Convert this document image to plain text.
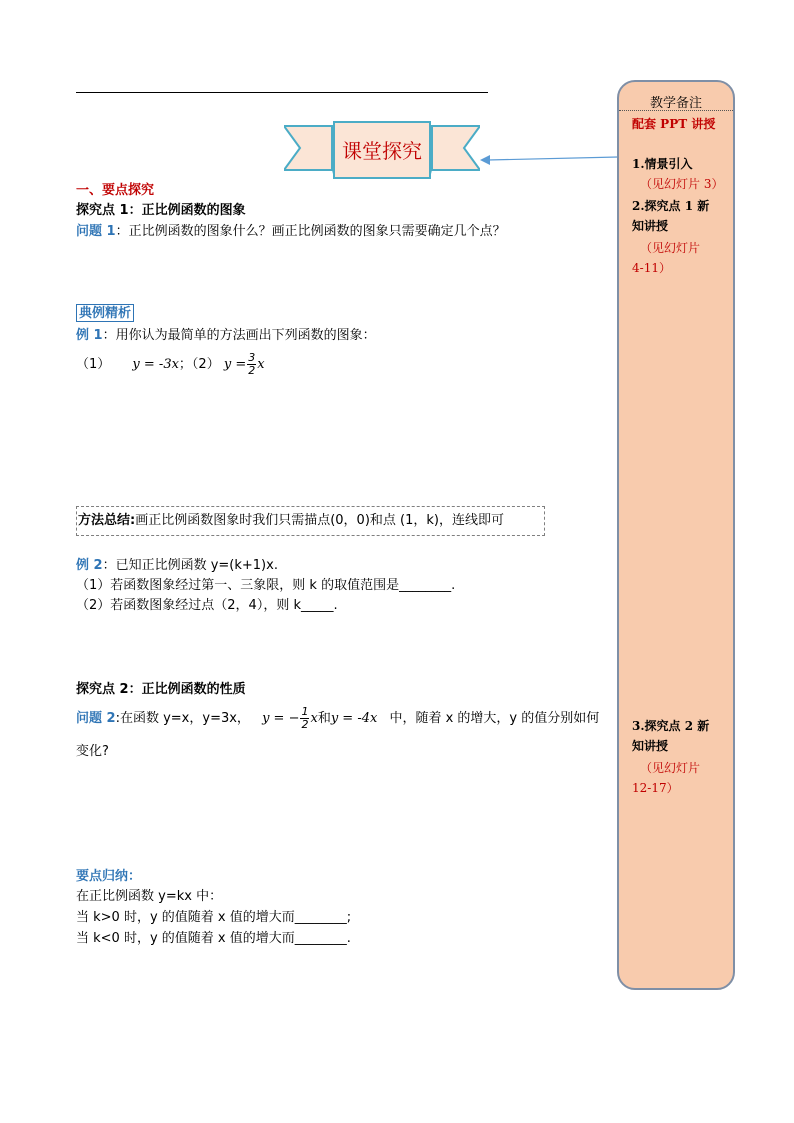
课堂探究
教学备注
配套 PPT 讲授
1.情景引入
（见幻灯片 3）
2.探究点 1 新
知讲授
（见幻灯片
4-11）
3.探究点 2 新
知讲授
（见幻灯片
12-17）
一、要点探究
探究点 1：正比例函数的图象
问题 1：正比例函数的图象什么？画正比例函数的图象只需要确定几个点？
典例精析
例 1：用你认为最简单的方法画出下列函数的图象：
（1） y = -3x；（2） $y = \frac{3}{2}$ x
方法总结:画正比例函数图象时我们只需描点(0，0)和点 (1，k)，连线即可
例 2：已知正比例函数 y=(k+1)x.
（1）若函数图象经过第一、三象限，则 k 的取值范围是________.
（2）若函数图象经过点（2，4），则 k_____.
探究点 2：正比例函数的性质
问题 2:在函数 y=x，y=3x， y = − $\frac{1}{2}$ x和y = -4x 中，随着 x 的增大，y 的值分别如何
变化?
要点归纳：
在正比例函数 y=kx 中：
当 k>0 时，y 的值随着 x 值的增大而________;
当 k<0 时，y 的值随着 x 值的增大而________.
